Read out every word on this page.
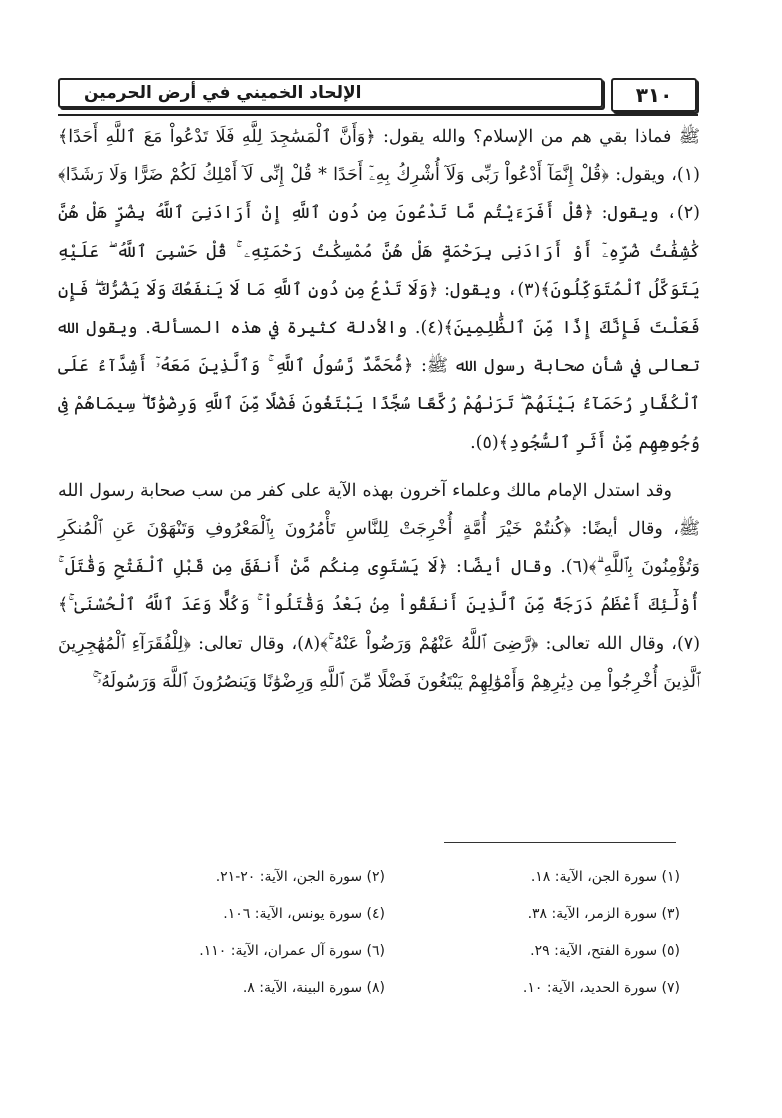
الإلحاد الخميني في أرض الحرمين	٣١٠

ﷺ فماذا بقي هم من الإسلام؟ والله يقول: ﴿وَأَنَّ ٱلْمَسَٰجِدَ لِلَّهِ فَلَا تَدْعُواْ مَعَ ٱللَّهِ أَحَدًا﴾(١)، ويقول: ﴿قُلْ إِنَّمَآ أَدْعُواْ رَبِّى وَلَآ أُشْرِكُ بِهِۦٓ أَحَدًا * قُلْ إِنِّى لَآ أَمْلِكُ لَكُمْ ضَرًّا وَلَا رَشَدًا﴾(٢)، ويقول: ﴿قُلْ أَفَرَءَيْتُم مَّا تَدْعُونَ مِن دُونِ ٱللَّهِ إِنْ أَرَادَنِىَ ٱللَّهُ بِضُرٍّ هَلْ هُنَّ كَٰشِفَٰتُ ضُرِّهِۦٓ أَوْ أَرَادَنِى بِرَحْمَةٍ هَلْ هُنَّ مُمْسِكَٰتُ رَحْمَتِهِۦ ۚ قُلْ حَسْبِىَ ٱللَّهُ ۖ عَلَيْهِ يَتَوَكَّلُ ٱلْمُتَوَكِّلُونَ﴾(٣)، ويقول: ﴿وَلَا تَدْعُ مِن دُونِ ٱللَّهِ مَا لَا يَنفَعُكَ وَلَا يَضُرُّكَ ۖ فَإِن فَعَلْتَ فَإِنَّكَ إِذًا مِّنَ ٱلظَّٰلِمِينَ﴾(٤). والأدلة كثيرة في هذه المسألة. ويقول الله تعالى في شأن صحابة رسول الله ﷺ: ﴿مُّحَمَّدٌ رَّسُولُ ٱللَّهِ ۚ وَٱلَّذِينَ مَعَهُۥٓ أَشِدَّآءُ عَلَى ٱلْكُفَّارِ رُحَمَآءُ بَيْنَهُمْ ۖ تَرَىٰهُمْ رُكَّعًا سُجَّدًا يَبْتَغُونَ فَضْلًا مِّنَ ٱللَّهِ وَرِضْوَٰنًا ۖ سِيمَاهُمْ فِى وُجُوهِهِم مِّنْ أَثَرِ ٱلسُّجُودِ﴾(٥).

وقد استدل الإمام مالك وعلماء آخرون بهذه الآية على كفر من سب صحابة رسول الله ﷺ، وقال أيضًا: ﴿كُنتُمْ خَيْرَ أُمَّةٍ أُخْرِجَتْ لِلنَّاسِ تَأْمُرُونَ بِٱلْمَعْرُوفِ وَتَنْهَوْنَ عَنِ ٱلْمُنكَرِ وَتُؤْمِنُونَ بِٱللَّهِ ۗ﴾(٦). وقال أيضًا: ﴿لَا يَسْتَوِى مِنكُم مَّنْ أَنفَقَ مِن قَبْلِ ٱلْفَتْحِ وَقَٰتَلَ ۚ أُوْلَٰٓئِكَ أَعْظَمُ دَرَجَةً مِّنَ ٱلَّذِينَ أَنفَقُواْ مِنۢ بَعْدُ وَقَٰتَلُواْ ۚ وَكُلًّا وَعَدَ ٱللَّهُ ٱلْحُسْنَىٰ ۚ﴾(٧)، وقال الله تعالى: ﴿رَّضِىَ ٱللَّهُ عَنْهُمْ وَرَضُواْ عَنْهُ ۚ﴾(٨)، وقال تعالى: ﴿لِلْفُقَرَآءِ ٱلْمُهَٰجِرِينَ ٱلَّذِينَ أُخْرِجُواْ مِن دِيَٰرِهِمْ وَأَمْوَٰلِهِمْ يَبْتَغُونَ فَضْلًا مِّنَ ٱللَّهِ وَرِضْوَٰنًا وَيَنصُرُونَ ٱللَّهَ وَرَسُولَهُۥٓ ۚ

(١) سورة الجن، الآية: ١٨.
(٢) سورة الجن، الآية: ٢٠-٢١.
(٣) سورة الزمر، الآية: ٣٨.
(٤) سورة يونس، الآية: ١٠٦.
(٥) سورة الفتح، الآية: ٢٩.
(٦) سورة آل عمران، الآية: ١١٠.
(٧) سورة الحديد، الآية: ١٠.
(٨) سورة البينة، الآية: ٨.
